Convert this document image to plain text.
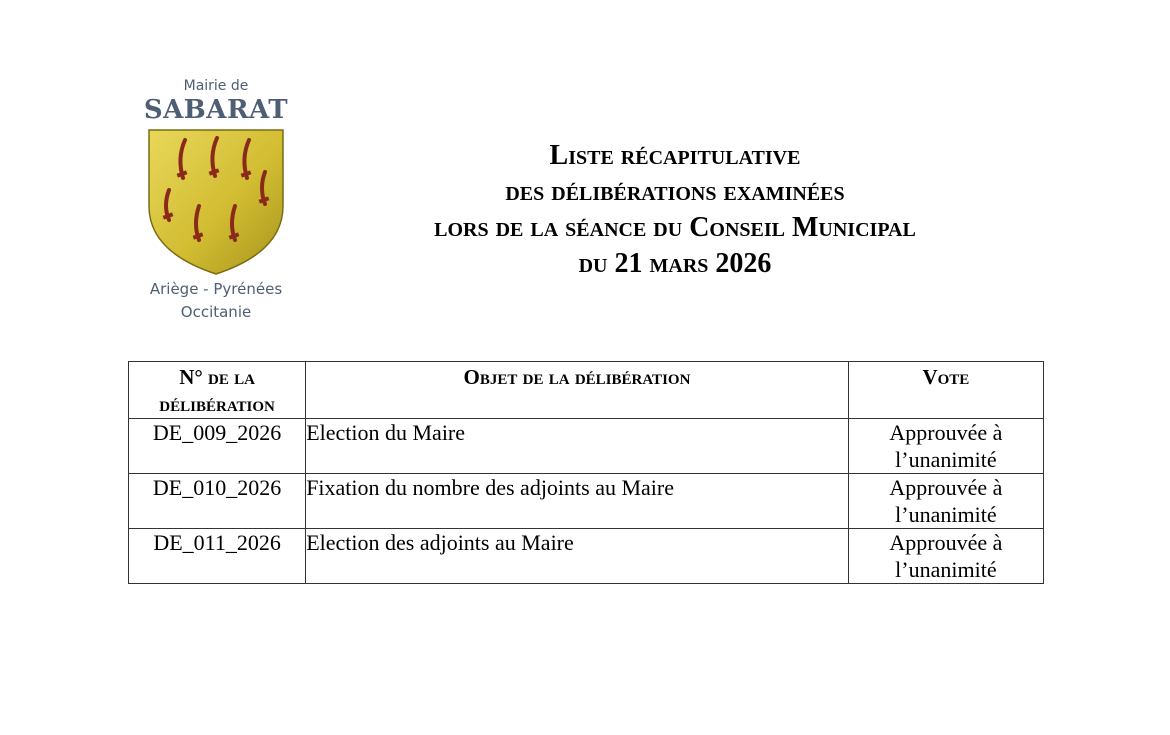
Mairie de
SABARAT
Ariège - Pyrénées
Occitanie
Liste récapitulative
des délibérations examinées
lors de la séance du Conseil Municipal
du 21 mars 2026
N° de la délibération	Objet de la délibération	Vote
DE_009_2026	Election du Maire	Approuvée à l’unanimité
DE_010_2026	Fixation du nombre des adjoints au Maire	Approuvée à l’unanimité
DE_011_2026	Election des adjoints au Maire	Approuvée à l’unanimité
